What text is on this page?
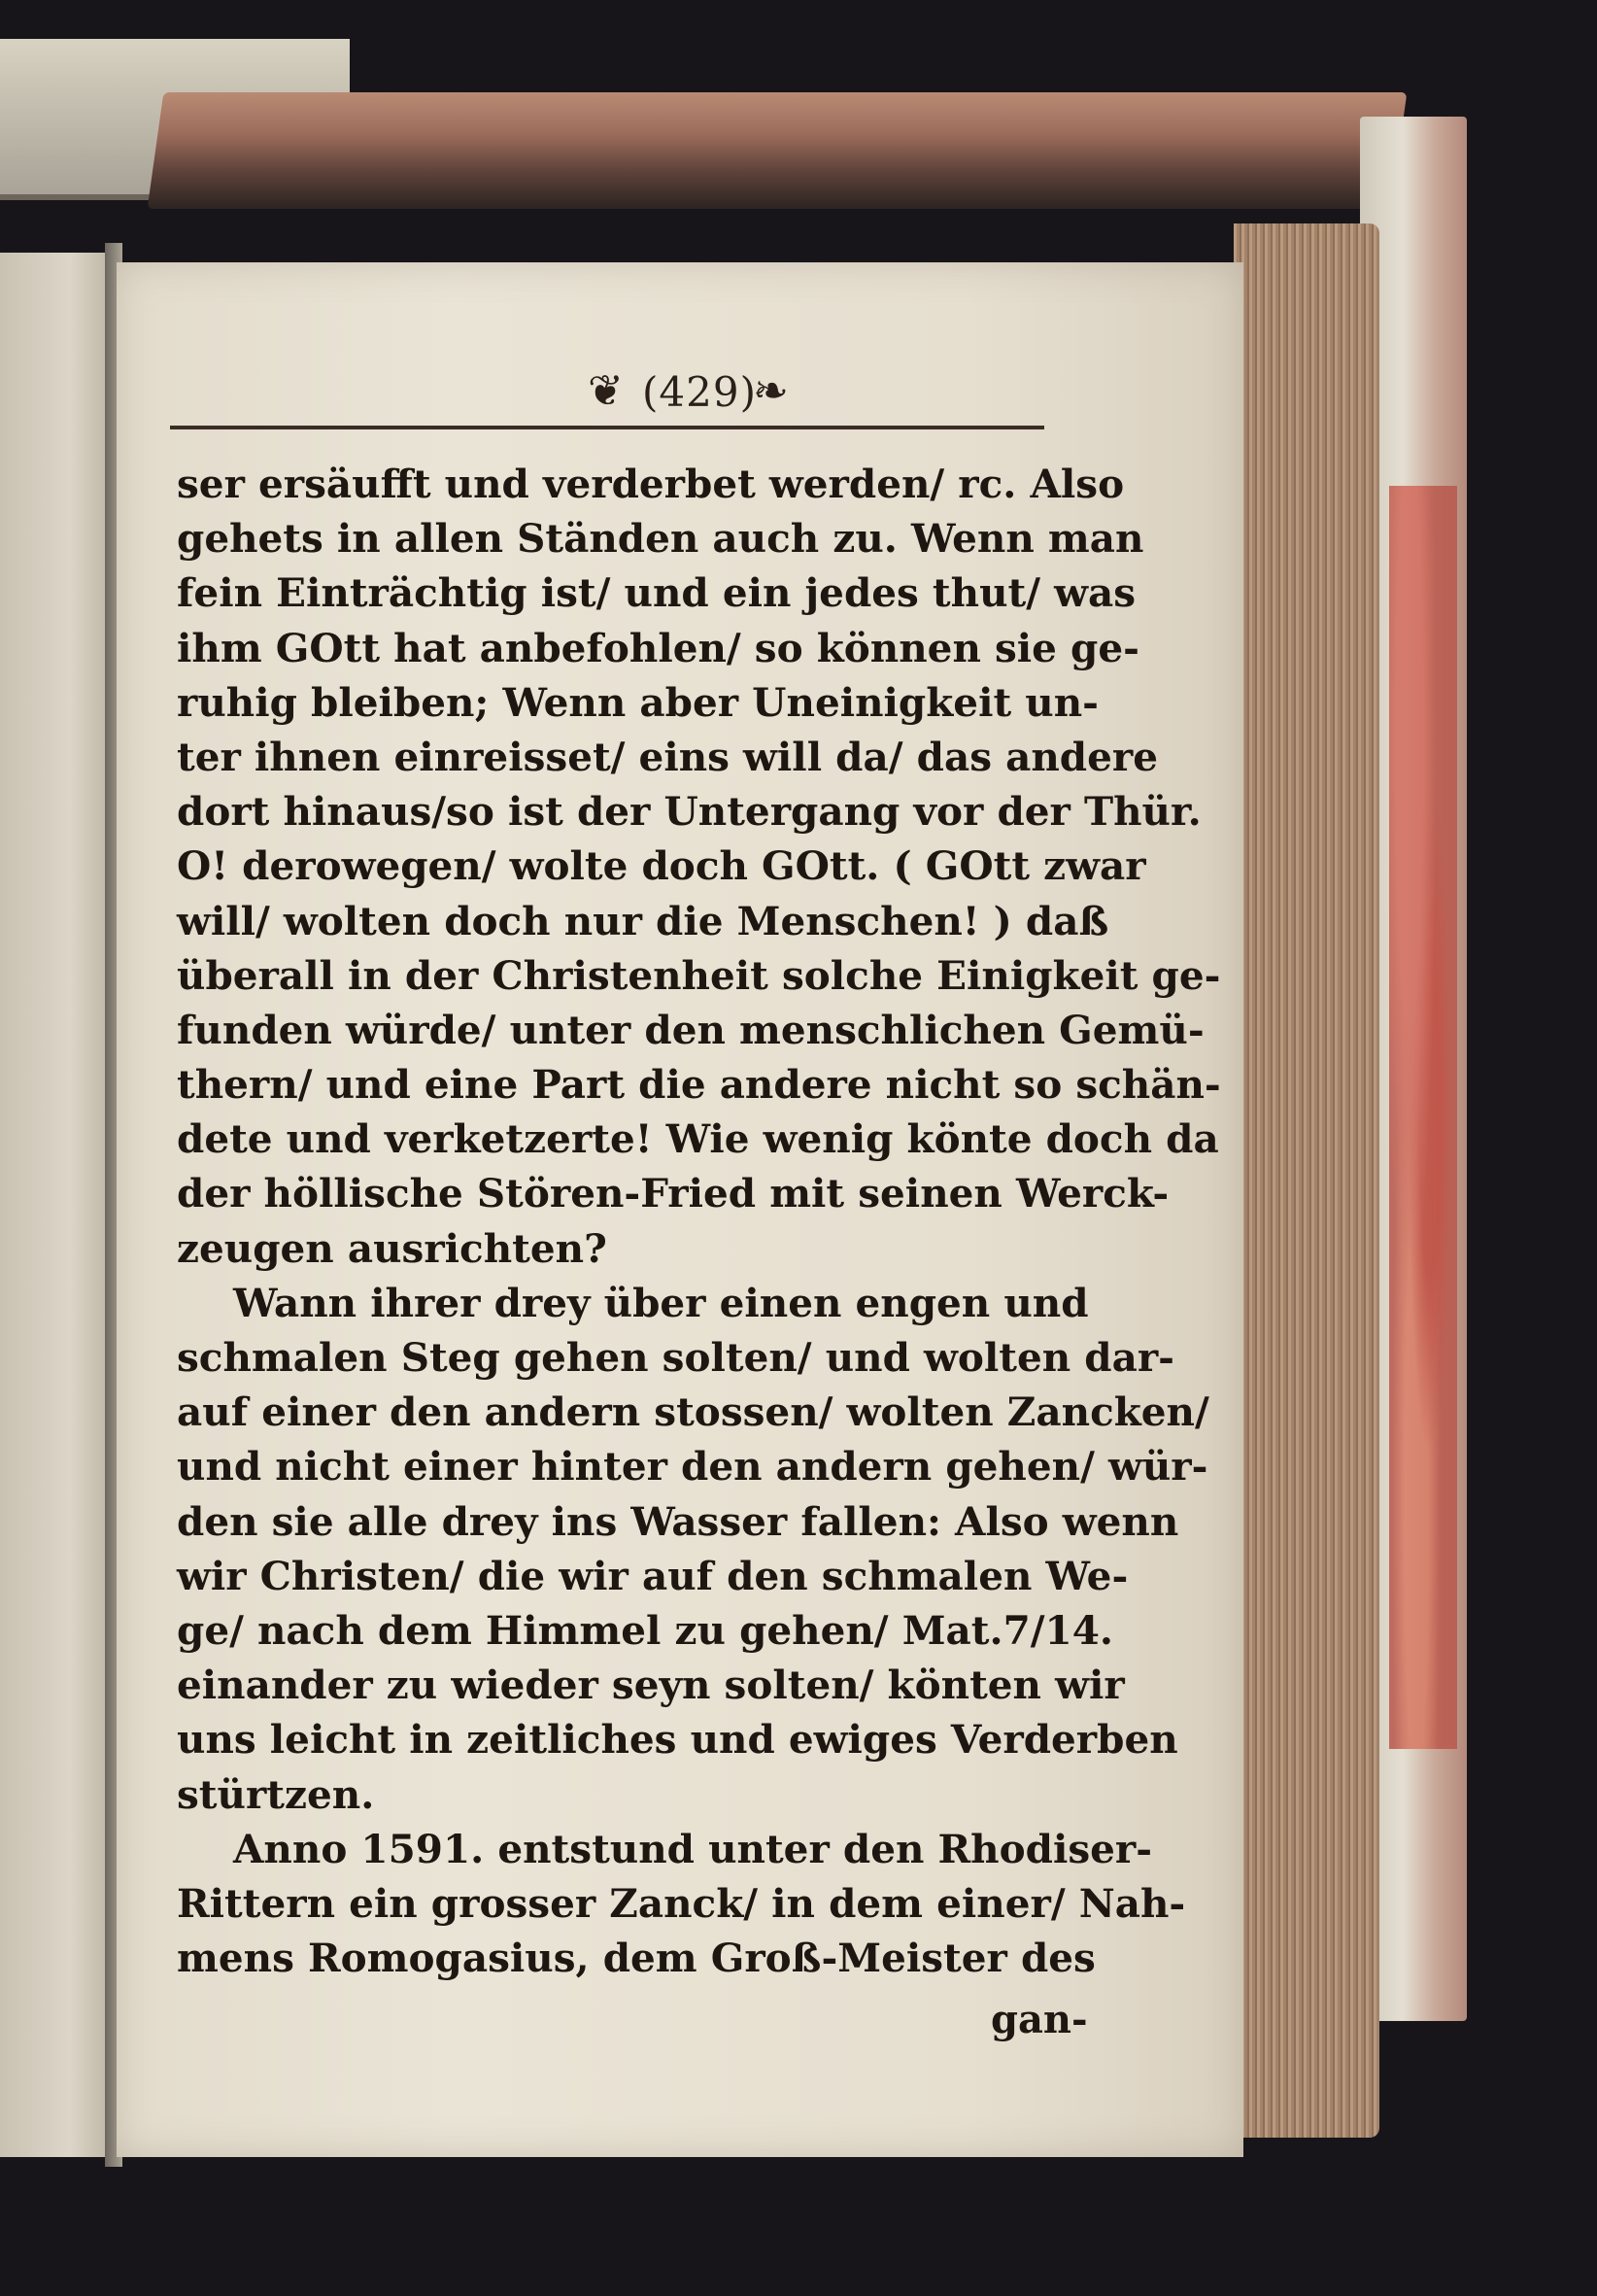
❦ (429)
❧
ser ersäufft und verderbet werden/ rc. Also
gehets in allen Ständen auch zu. Wenn man
fein Einträchtig ist/ und ein jedes thut/ was
ihm GOtt hat anbefohlen/ so können sie ge-
ruhig bleiben; Wenn aber Uneinigkeit un-
ter ihnen einreisset/ eins will da/ das andere
dort hinaus/so ist der Untergang vor der Thür.
O! derowegen/ wolte doch GOtt. ( GOtt zwar
will/ wolten doch nur die Menschen! ) daß
überall in der Christenheit solche Einigkeit ge-
funden würde/ unter den menschlichen Gemü-
thern/ und eine Part die andere nicht so schän-
dete und verketzerte! Wie wenig könte doch da
der höllische Stören-Fried mit seinen Werck-
zeugen ausrichten?
Wann ihrer drey über einen engen und
schmalen Steg gehen solten/ und wolten dar-
auf einer den andern stossen/ wolten Zancken/
und nicht einer hinter den andern gehen/ wür-
den sie alle drey ins Wasser fallen: Also wenn
wir Christen/ die wir auf den schmalen We-
ge/ nach dem Himmel zu gehen/ Mat.7/14.
einander zu wieder seyn solten/ könten wir
uns leicht in zeitliches und ewiges Verderben
stürtzen.
Anno 1591. entstund unter den Rhodiser-
Rittern ein grosser Zanck/ in dem einer/ Nah-
mens Romogasius, dem Groß-Meister des
gan-
